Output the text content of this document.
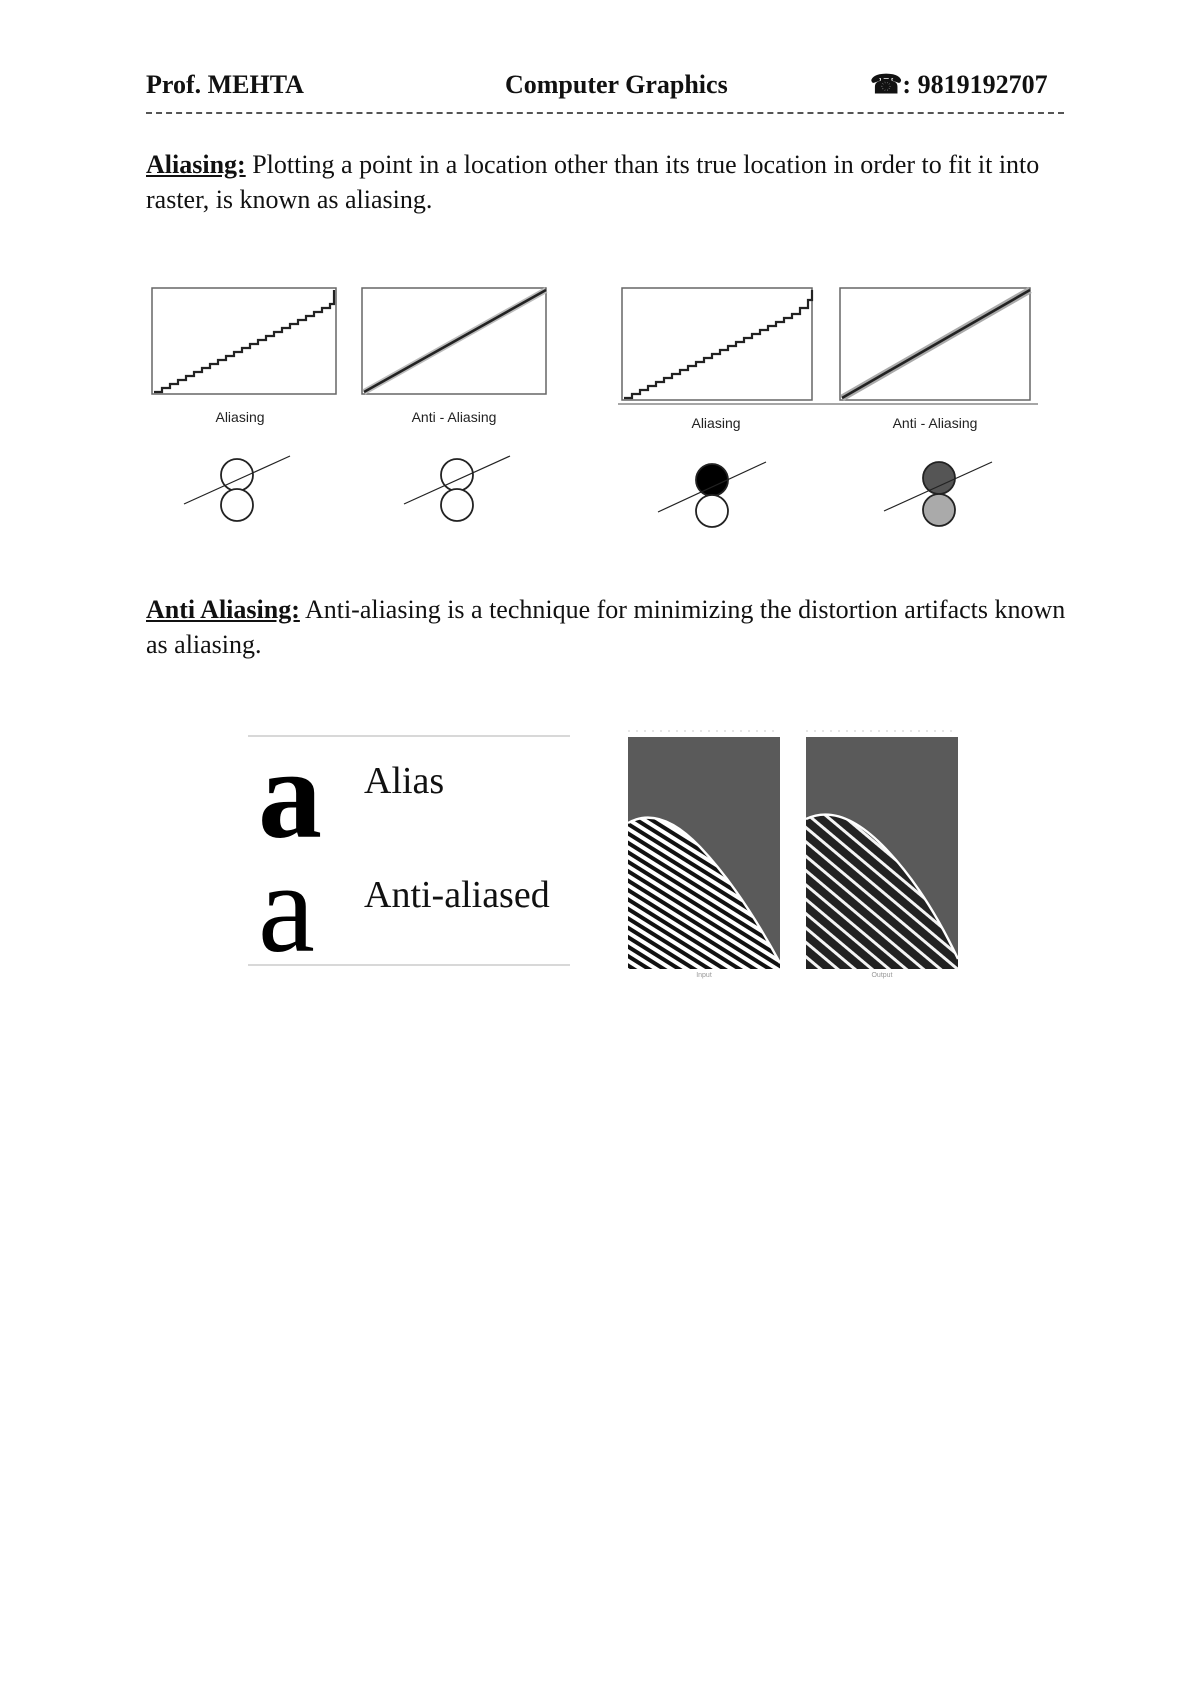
Prof. MEHTA	Computer Graphics	☎: 9819192707
Aliasing: Plotting a point in a location other than its true location in order to fit it into raster, is known as aliasing.
Aliasing	Anti - Aliasing	Aliasing	Anti - Aliasing
Anti Aliasing: Anti-aliasing is a technique for minimizing the distortion artifacts known as aliasing.
a Alias
a Anti-aliased
Input	Output
